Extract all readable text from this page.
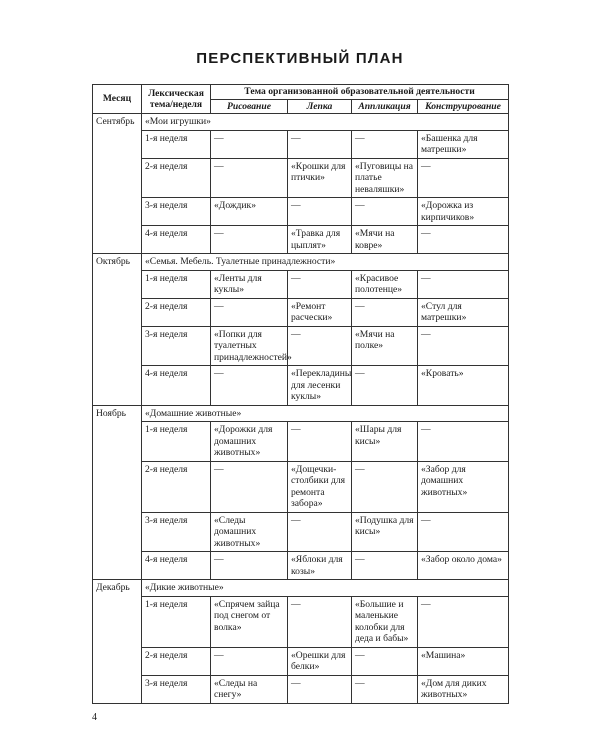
ПЕРСПЕКТИВНЫЙ ПЛАН
Месяц	Лексическая тема/неделя	Тема организованной образовательной деятельности			
		Рисование	Лепка	Аппликация	Конструирование
Сентябрь	«Мои игрушки»				
	1-я неделя	—	—	—	«Башенка для матрешки»
	2-я неделя	—	«Крошки для птички»	«Пуговицы на платье неваляшки»	—
	3-я неделя	«Дождик»	—	—	«Дорожка из кирпичиков»
	4-я неделя	—	«Травка для цыплят»	«Мячи на ковре»	—
Октябрь	«Семья. Мебель. Туалетные принадлежности»				
	1-я неделя	«Ленты для куклы»	—	«Красивое полотенце»	—
	2-я неделя	—	«Ремонт расчески»	—	«Стул для матрешки»
	3-я неделя	«Попки для туалетных принадлежностей»	—	«Мячи на полке»	—
	4-я неделя	—	«Перекладины для лесенки куклы»	—	«Кровать»
Ноябрь	«Домашние животные»				
	1-я неделя	«Дорожки для домашних животных»	—	«Шары для кисы»	—
	2-я неделя	—	«Дощечки-столбики для ремонта забора»	—	«Забор для домашних животных»
	3-я неделя	«Следы домашних животных»	—	«Подушка для кисы»	—
	4-я неделя	—	«Яблоки для козы»	—	«Забор около дома»
Декабрь	«Дикие животные»				
	1-я неделя	«Спрячем зайца под снегом от волка»	—	«Большие и маленькие колобки для деда и бабы»	—
	2-я неделя	—	«Орешки для белки»	—	«Машина»
	3-я неделя	«Следы на снегу»	—	—	«Дом для диких животных»
4
